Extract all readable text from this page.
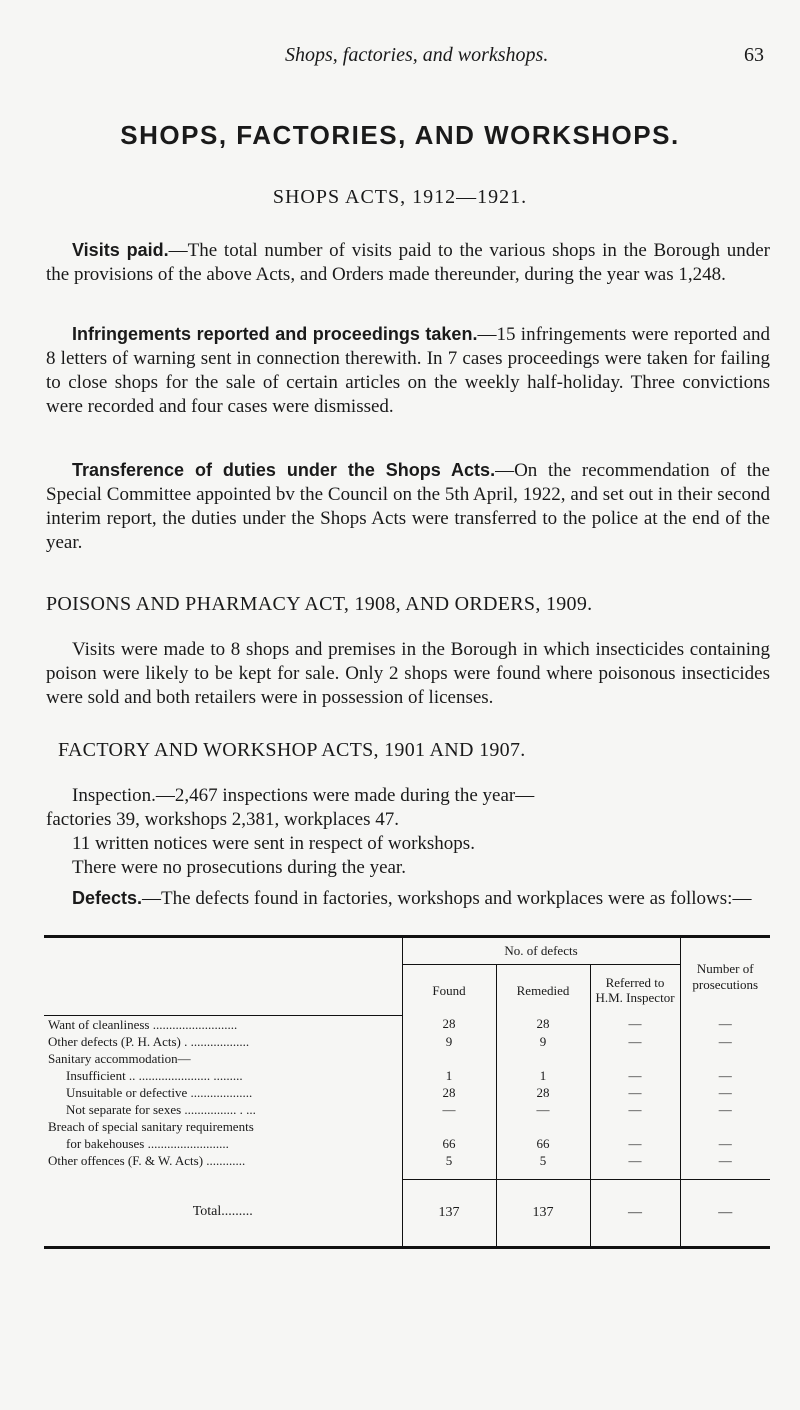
Shops, factories, and workshops.	63
SHOPS, FACTORIES, AND WORKSHOPS.
SHOPS ACTS, 1912—1921.
Visits paid.—The total number of visits paid to the various shops in the Borough under the provisions of the above Acts, and Orders made thereunder, during the year was 1,248.
Infringements reported and proceedings taken.—15 infringements were reported and 8 letters of warning sent in connection therewith. In 7 cases proceedings were taken for failing to close shops for the sale of certain articles on the weekly half-holiday. Three convictions were recorded and four cases were dismissed.
Transference of duties under the Shops Acts.—On the recommendation of the Special Committee appointed bv the Council on the 5th April, 1922, and set out in their second interim report, the duties under the Shops Acts were transferred to the police at the end of the year.
POISONS AND PHARMACY ACT, 1908, AND ORDERS, 1909.
Visits were made to 8 shops and premises in the Borough in which insecticides containing poison were likely to be kept for sale. Only 2 shops were found where poisonous insecticides were sold and both retailers were in possession of licenses.
FACTORY AND WORKSHOP ACTS, 1901 AND 1907.
Inspection.—2,467 inspections were made during the year—
factories 39, workshops 2,381, workplaces 47.
11 written notices were sent in respect of workshops.
There were no prosecutions during the year.
Defects.—The defects found in factories, workshops and workplaces were as follows:—
	No. of defects			Number of prosecutions
	Found	Remedied	Referred to H.M. Inspector	
Want of cleanliness ..........................	28	28	—	—
Other defects (P. H. Acts) . ..................	9	9	—	—
Sanitary accommodation—				
Insufficient .. ...................... .........	1	1	—	—
Unsuitable or defective ...................	28	28	—	—
Not separate for sexes ................ . ...	—	—	—	—
Breach of special sanitary requirements				
for bakehouses .........................	66	66	—	—
Other offences (F. & W. Acts) ............	5	5	—	—

Total.........	137	137	—	—
